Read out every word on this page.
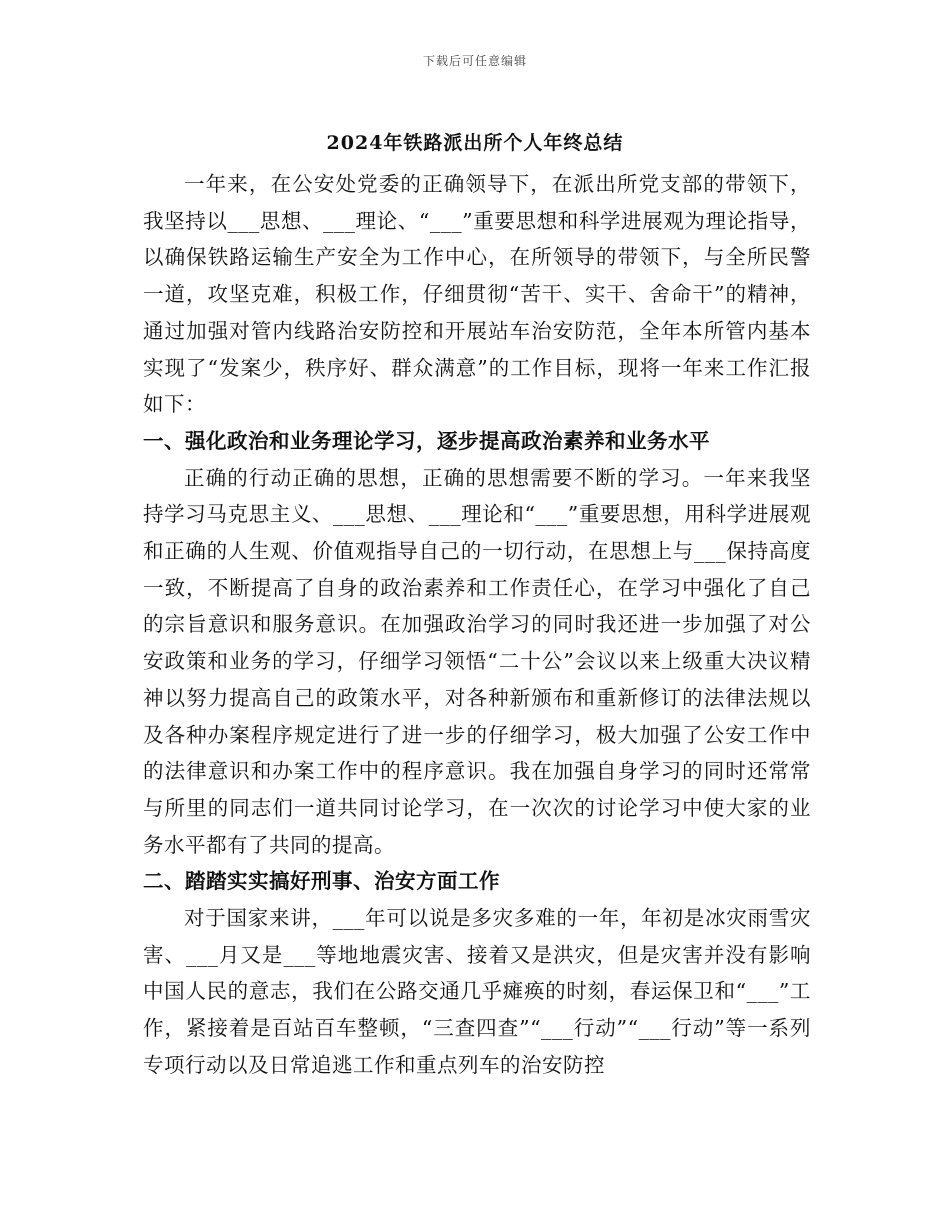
下载后可任意编辑
2024年铁路派出所个人年终总结

一年来，在公安处党委的正确领导下，在派出所党支部的带领下，我坚持以___思想、___理论、“___”重要思想和科学进展观为理论指导，以确保铁路运输生产安全为工作中心，在所领导的带领下，与全所民警一道，攻坚克难，积极工作，仔细贯彻“苦干、实干、舍命干”的精神，通过加强对管内线路治安防控和开展站车治安防范，全年本所管内基本实现了“发案少，秩序好、群众满意”的工作目标，现将一年来工作汇报如下：

一、强化政治和业务理论学习，逐步提高政治素养和业务水平

正确的行动正确的思想，正确的思想需要不断的学习。一年来我坚持学习马克思主义、___思想、___理论和“___”重要思想，用科学进展观和正确的人生观、价值观指导自己的一切行动，在思想上与___保持高度一致，不断提高了自身的政治素养和工作责任心，在学习中强化了自己的宗旨意识和服务意识。在加强政治学习的同时我还进一步加强了对公安政策和业务的学习，仔细学习领悟“二十公”会议以来上级重大决议精神以努力提高自己的政策水平，对各种新颁布和重新修订的法律法规以及各种办案程序规定进行了进一步的仔细学习，极大加强了公安工作中的法律意识和办案工作中的程序意识。我在加强自身学习的同时还常常与所里的同志们一道共同讨论学习，在一次次的讨论学习中使大家的业务水平都有了共同的提高。

二、踏踏实实搞好刑事、治安方面工作

对于国家来讲，___年可以说是多灾多难的一年，年初是冰灾雨雪灾害、___月又是___等地地震灾害、接着又是洪灾，但是灾害并没有影响中国人民的意志，我们在公路交通几乎瘫痪的时刻，春运保卫和“___”工作，紧接着是百站百车整顿，“三查四查”“___行动”“___行动”等一系列专项行动以及日常追逃工作和重点列车的治安防控
